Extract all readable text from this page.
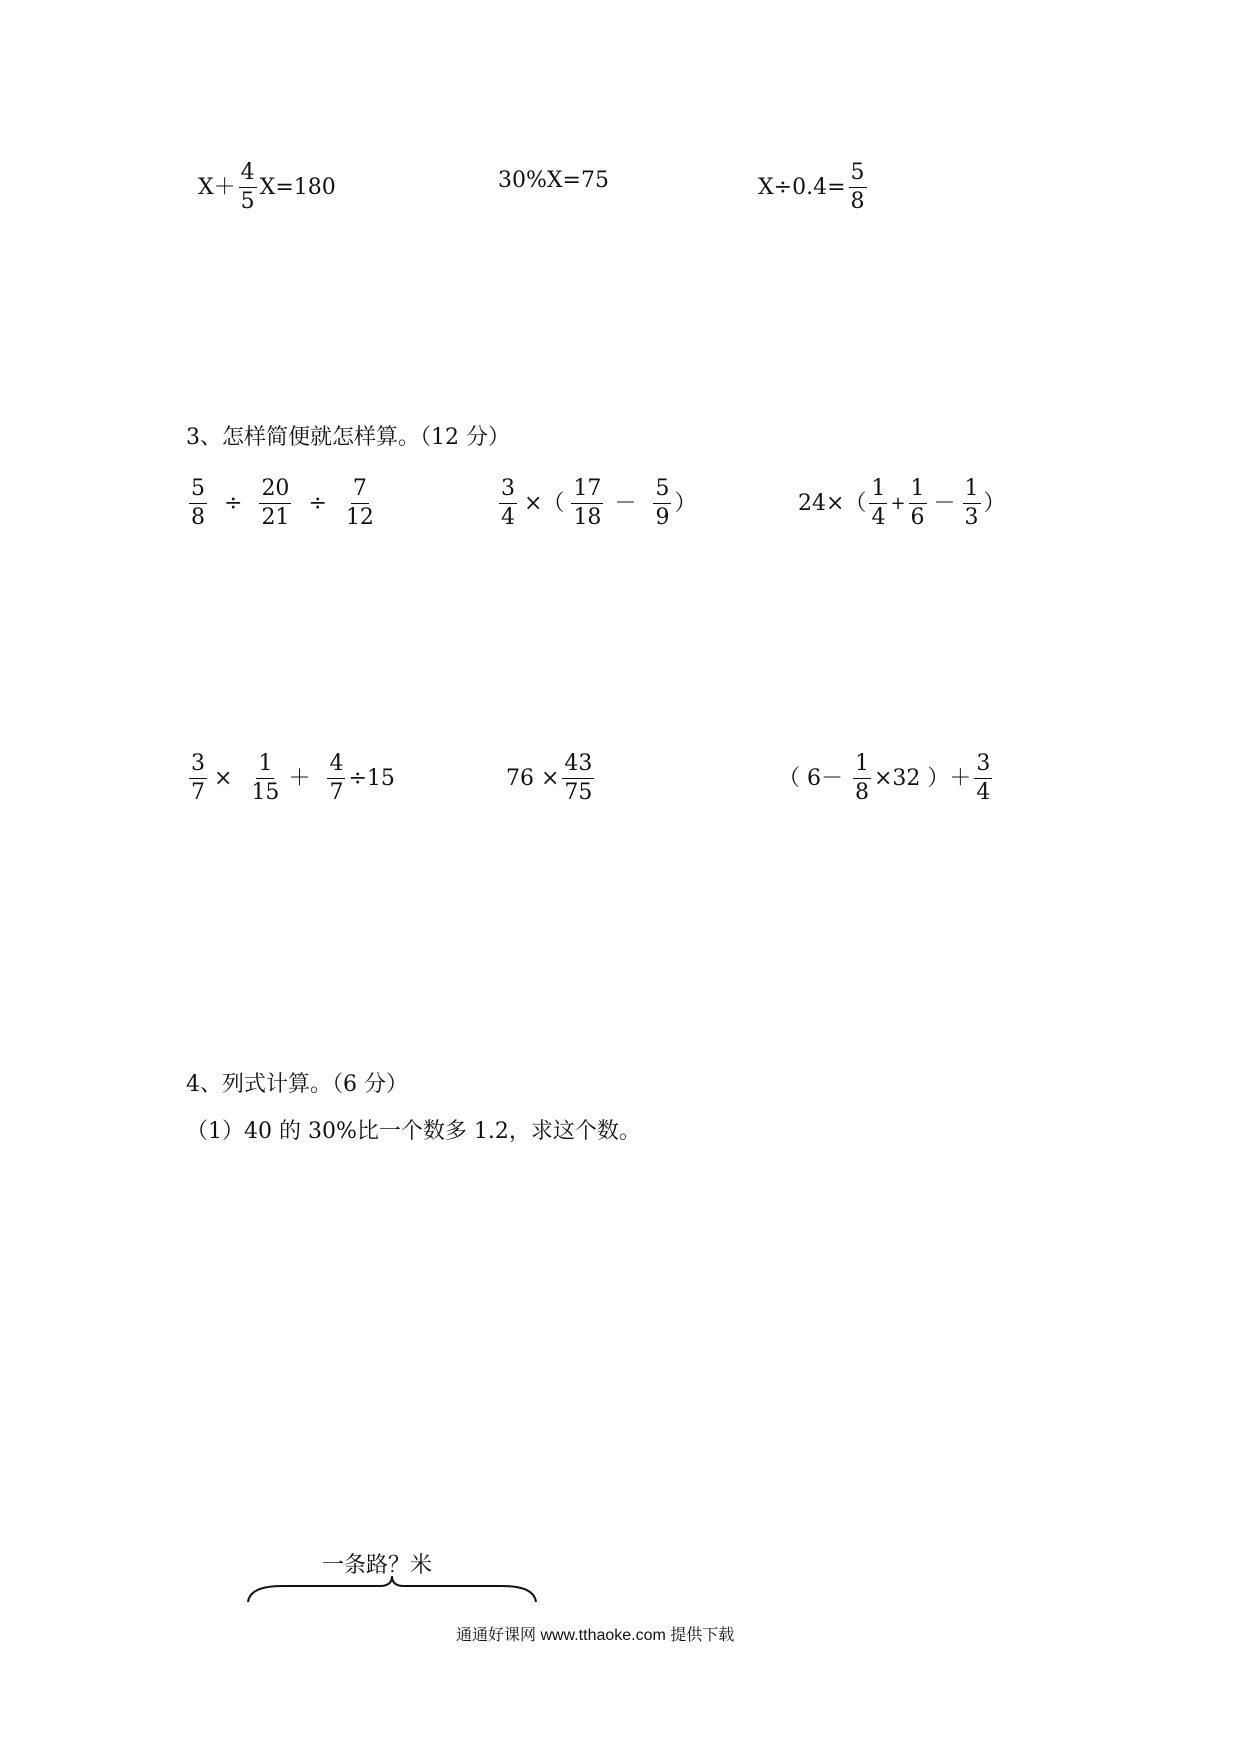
$X+ \frac{4}{5} X=180$	30%X=75	$X\div 0.4= \frac{5}{8}$
3、怎样简便就怎样算。（12 分）
$\frac{5}{8} \div \frac{20}{21} \div \frac{7}{12}$	$\frac{3}{4}$ ×（ $\frac{17}{18} - \frac{5}{9}$ ）	$24\times( \frac{1}{4} + \frac{1}{6} - \frac{1}{3}$ ）
$\frac{3}{7} \times \frac{1}{15} + \frac{4}{7} \div 15$	$76 \times \frac{43}{75}$	（ $6- \frac{1}{8} \times 32$ ）＋ $\frac{3}{4}$
4、列式计算。（6 分）
（1）40 的 30%比一个数多 1.2，求这个数。
一条路？米
通通好课网 www.tthaoke.com 提供下载
